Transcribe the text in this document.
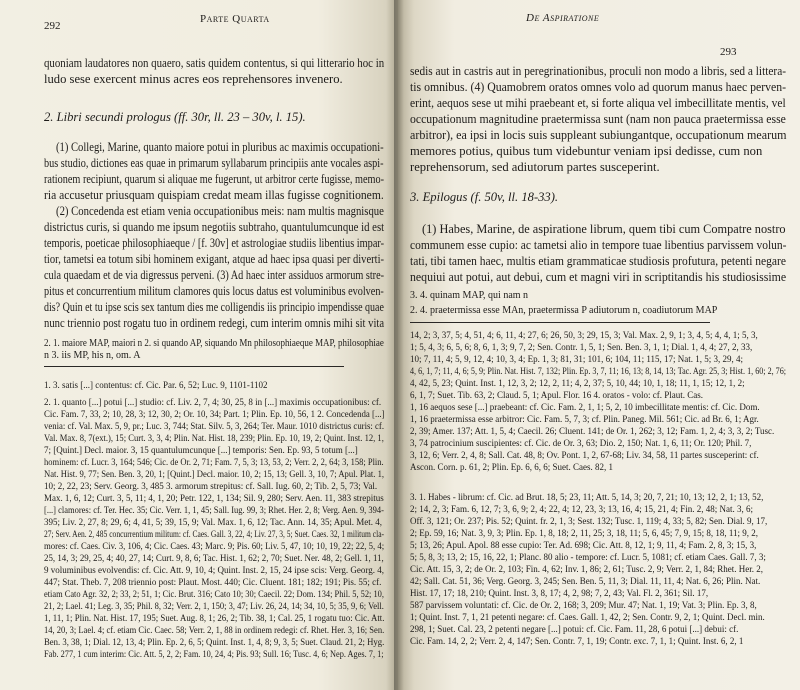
292
Parte Quarta
quoniam laudatores non quaero, satis quidem contentus, si qui litterario hoc in
ludo sese exercent minus acres eos reprehensores invenero.
2. Libri secundi prologus (ff. 30r, ll. 23 – 30v, l. 15).
(1) Collegi, Marine, quanto maiore potui in pluribus ac maximis occupationi-
bus studio, dictiones eas quae in primarum syllabarum principiis ante vocales aspi-
rationem recipiunt, quarum si aliquae me fugerunt, ut arbitror certe fugisse, memo-
ria accusetur priusquam quispiam credat meam illas fugisse cognitionem.
(2) Concedenda est etiam venia occupationibus meis: nam multis magnisque
districtus curis, si quando me ipsum negotiis subtraho, quantulumcunque id est
temporis, poeticae philosophiaeque / [f. 30v] et astrologiae studiis libentius impar-
tior, tametsi ea totum sibi hominem exigant, atque ad haec ipsa quasi per diverti-
cula quaedam et de via digressus perveni. (3) Ad haec inter assiduos armorum stre-
pitus et concurrentium militum clamores quis locus datus est voluminibus evolven-
dis? Quin et tu ipse scis sex tantum dies me colligendis iis principio impendisse quae
nunc triennio post rogatu tuo in ordinem redegi, cum interim omnis mihi sit vita
2. 1. maiore MAP, maiori n 2. si quando AP, siquando Mn philosophiaeque MAP, philosophiae
n 3. iis MP, his n, om. A
1. 3. satis [...] contentus: cf. Cic. Par. 6, 52; Luc. 9, 1101-1102
2. 1. quanto [...] potui [...] studio: cf. Liv. 2, 7, 4; 30, 25, 8 in [...] maximis occupationibus: cf.
Cic. Fam. 7, 33, 2; 10, 28, 3; 12, 30, 2; Or. 10, 34; Part. 1; Plin. Ep. 10, 56, 1 2. Concedenda [...]
venia: cf. Val. Max. 5, 9, pr.; Luc. 3, 744; Stat. Silv. 5, 3, 264; Ter. Maur. 1010 districtus curis: cf.
Val. Max. 8, 7(ext.), 15; Curt. 3, 3, 4; Plin. Nat. Hist. 18, 239; Plin. Ep. 10, 19, 2; Quint. Inst. 12, 1,
7; [Quint.] Decl. maior. 3, 15 quantulumcunque [...] temporis: Sen. Ep. 93, 5 totum [...]
hominem: cf. Lucr. 3, 164; 546; Cic. de Or. 2, 71; Fam. 7, 5, 3; 13, 53, 2; Verr. 2, 2, 64; 3, 158; Plin.
Nat. Hist. 9, 77; Sen. Ben. 3, 20, 1; [Quint.] Decl. maior. 10, 2; 15, 13; Gell. 3, 10, 7; Apul. Plat. 1,
10; 2, 22, 23; Serv. Georg. 3, 485 3. armorum strepitus: cf. Sall. Iug. 60, 2; Tib. 2, 5, 73; Val.
Max. 1, 6, 12; Curt. 3, 5, 11; 4, 1, 20; Petr. 122, 1, 134; Sil. 9, 280; Serv. Aen. 11, 383 strepitus
[...] clamores: cf. Ter. Hec. 35; Cic. Verr. 1, 1, 45; Sall. Iug. 99, 3; Rhet. Her. 2, 8; Verg. Aen. 9, 394-
395; Liv. 2, 27, 8; 29, 6; 4, 41, 5; 39, 15, 9; Val. Max. 1, 6, 12; Tac. Ann. 14, 35; Apul. Met. 4,
27; Serv. Aen. 2, 485 concurrentium militum: cf. Caes. Gall. 3, 22, 4; Liv. 27, 3, 5; Suet. Caes. 32, 1 militum cla-
mores: cf. Caes. Civ. 3, 106, 4; Cic. Caes. 43; Marc. 9; Pis. 60; Liv. 5, 47, 10; 10, 19, 22; 22, 5, 4;
25, 14, 3; 29, 25, 4; 40, 27, 14; Curt. 9, 8, 6; Tac. Hist. 1, 62; 2, 70; Suet. Ner. 48, 2; Gell. 1, 11,
9 voluminibus evolvendis: cf. Cic. Att. 9, 10, 4; Quint. Inst. 2, 15, 24 ipse scis: Verg. Georg. 4,
447; Stat. Theb. 7, 208 triennio post: Plaut. Most. 440; Cic. Cluent. 181; 182; 191; Pis. 55; cf.
etiam Cato Agr. 32, 2; 33, 2; 51, 1; Cic. Brut. 316; Cato 10; 30; Caecil. 22; Dom. 134; Phil. 5, 52; 10,
21, 2; Lael. 41; Leg. 3, 35; Phil. 8, 32; Verr. 2, 1, 150; 3, 47; Liv. 26, 24, 14; 34, 10, 5; 35, 9, 6; Vell.
1, 11, 1; Plin. Nat. Hist. 17, 195; Suet. Aug. 8, 1; 26, 2; Tib. 38, 1; Cal. 25, 1 rogatu tuo: Cic. Att.
14, 20, 3; Lael. 4; cf. etiam Cic. Caec. 58; Verr. 2, 1, 88 in ordinem redegi: cf. Rhet. Her. 3, 16; Sen.
Ben. 3, 38, 1; Dial. 12, 13, 4; Plin. Ep. 2, 6, 5; Quint. Inst. 1, 4, 8; 9, 3, 5; Suet. Claud. 21, 2; Hyg.
Fab. 277, 1 cum interim: Cic. Att. 5, 2, 2; Fam. 10, 24, 4; Pis. 93; Sull. 16; Tusc. 4, 6; Nep. Ages. 7, 1;
De Aspiratione
293
sedis aut in castris aut in peregrinationibus, proculi non modo a libris, sed a littera-
tis omnibus. (4) Quamobrem oratos omnes volo ad quorum manus haec perven-
erint, aequos sese ut mihi praebeant et, si forte aliqua vel imbecillitate mentis, vel
occupationum magnitudine praetermissa sunt (nam non pauca praetermissa esse
arbitror), ea ipsi in locis suis suppleant subiungantque, occupationum mearum
memores potius, quibus tum videbuntur veniam ipsi dedisse, cum non
reprehensorum, sed adiutorum partes susceperint.
3. Epilogus (f. 50v, ll. 18-33).
(1) Habes, Marine, de aspiratione librum, quem tibi cum Compatre nostro
communem esse cupio: ac tametsi alio in tempore tuae libentius parvissem volun-
tati, tibi tamen haec, multis etiam grammaticae studiosis profutura, petenti negare
nequiui aut potui, aut debui, cum et magni viri in scriptitandis his studiosissime
3. 4. quinam MAP, qui nam n
2. 4. praetermissa esse MAn, praetermissa P adiutorum n, coadiutorum MAP
14, 2; 3, 37, 5; 4, 51, 4; 6, 11, 4; 27, 6; 26, 50, 3; 29, 15, 3; Val. Max. 2, 9, 1; 3, 4, 5; 4, 4, 1; 5, 3,
1; 5, 4, 3; 6, 5, 6; 8, 6, 1, 3; 9, 7, 2; Sen. Contr. 1, 5, 1; Sen. Ben. 3, 1, 1; Dial. 1, 4, 4; 27, 2, 33,
10; 7, 11, 4; 5, 9, 12, 4; 10, 3, 4; Ep. 1, 3; 81, 31; 101, 6; 104, 11; 115, 17; Nat. 1, 5; 3, 29, 4;
4, 6, 1, 7; 11, 4, 6; 5, 9; Plin. Nat. Hist. 7, 132; Plin. Ep. 3, 7, 11; 16, 13; 8, 14, 13; Tac. Agr. 25, 3; Hist. 1, 60; 2, 76;
4, 42, 5, 23; Quint. Inst. 1, 12, 3, 2; 12, 2, 11; 4, 2, 37; 5, 10, 44; 10, 1, 18; 11, 1, 15; 12, 1, 2;
6, 1, 7; Suet. Tib. 63, 2; Claud. 5, 1; Apul. Flor. 16 4. oratos - volo: cf. Plaut. Cas.
1, 16 aequos sese [...] praebeant: cf. Cic. Fam. 2, 1, 1; 5, 2, 10 imbecillitate mentis: cf. Cic. Dom.
1, 16 praetermissa esse arbitror: Cic. Fam. 5, 7, 3; cf. Plin. Paneg. Mil. 561; Cic. ad Br. 6, 1; Agr.
2, 39; Amer. 137; Att. 1, 5, 4; Caecil. 26; Cluent. 141; de Or. 1, 262; 3, 12; Fam. 1, 2, 4; 3, 3, 2; Tusc.
3, 74 patrocinium suscipientes: cf. Cic. de Or. 3, 63; Dio. 2, 150; Nat. 1, 6, 11; Or. 120; Phil. 7,
3, 12, 6; Verr. 2, 4, 8; Sall. Cat. 48, 8; Ov. Pont. 1, 2, 67-68; Liv. 34, 58, 11 partes susceperint: cf.
Ascon. Corn. p. 61, 2; Plin. Ep. 6, 6, 6; Suet. Caes. 82, 1
3. 1. Habes - librum: cf. Cic. ad Brut. 18, 5; 23, 11; Att. 5, 14, 3; 20, 7, 21; 10, 13; 12, 2, 1; 13, 52,
2; 14, 2, 3; Fam. 6, 12, 7; 3, 6, 9; 2, 4; 22, 4; 12, 23, 3; 13, 16, 4; 15, 21, 4; Fin. 2, 48; Nat. 3, 6;
Off. 3, 121; Or. 237; Pis. 52; Quint. fr. 2, 1, 3; Sest. 132; Tusc. 1, 119; 4, 33; 5, 82; Sen. Dial. 9, 17,
2; Ep. 59, 16; Nat. 3, 9, 3; Plin. Ep. 1, 8, 18; 2, 11, 25; 3, 18, 11; 5, 6, 45; 7, 9, 15; 8, 18, 11; 9, 2,
5; 13, 26; Apul. Apol. 88 esse cupio: Ter. Ad. 698; Cic. Att. 8, 12, 1; 9, 11, 4; Fam. 2, 8, 3; 15, 3,
5; 5, 8, 3; 13, 2; 15, 16, 22, 1; Planc. 80 alio - tempore: cf. Lucr. 5, 1081; cf. etiam Caes. Gall. 7, 3;
Cic. Att. 15, 3, 2; de Or. 2, 103; Fin. 4, 62; Inv. 1, 86; 2, 61; Tusc. 2, 9; Verr. 2, 1, 84; Rhet. Her. 2,
42; Sall. Cat. 51, 36; Verg. Georg. 3, 245; Sen. Ben. 5, 11, 3; Dial. 11, 11, 4; Nat. 6, 26; Plin. Nat.
Hist. 17, 17; 18, 210; Quint. Inst. 3, 8, 17; 4, 2, 98; 7, 2, 43; Val. Fl. 2, 361; Sil. 17,
587 parvissem voluntati: cf. Cic. de Or. 2, 168; 3, 209; Mur. 47; Nat. 1, 19; Vat. 3; Plin. Ep. 3, 8,
1; Quint. Inst. 7, 1, 21 petenti negare: cf. Caes. Gall. 1, 42, 2; Sen. Contr. 9, 2, 1; Quint. Decl. min.
298, 1; Suet. Cal. 23, 2 petenti negare [...] potui: cf. Cic. Fam. 11, 28, 6 potui [...] debui: cf.
Cic. Fam. 14, 2, 2; Verr. 2, 4, 147; Sen. Contr. 7, 1, 19; Contr. exc. 7, 1, 1; Quint. Inst. 6, 2, 1
